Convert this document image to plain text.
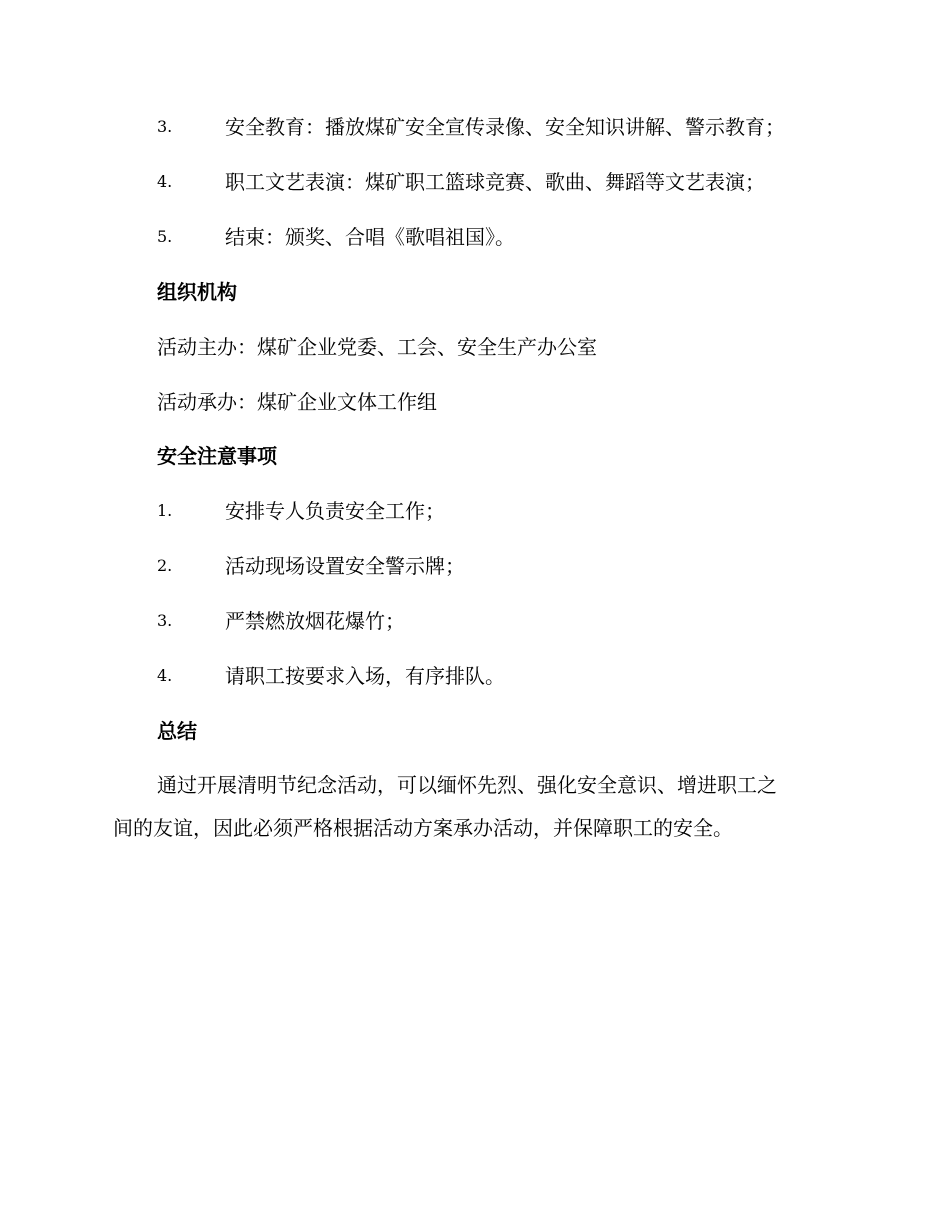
3.	安全教育：播放煤矿安全宣传录像、安全知识讲解、警示教育；
4.	职工文艺表演：煤矿职工篮球竞赛、歌曲、舞蹈等文艺表演；
5.	结束：颁奖、合唱《歌唱祖国》。
组织机构
活动主办：煤矿企业党委、工会、安全生产办公室
活动承办：煤矿企业文体工作组
安全注意事项
1.	安排专人负责安全工作；
2.	活动现场设置安全警示牌；
3.	严禁燃放烟花爆竹；
4.	请职工按要求入场，有序排队。
总结
通过开展清明节纪念活动，可以缅怀先烈、强化安全意识、增进职工之
间的友谊，因此必须严格根据活动方案承办活动，并保障职工的安全。
